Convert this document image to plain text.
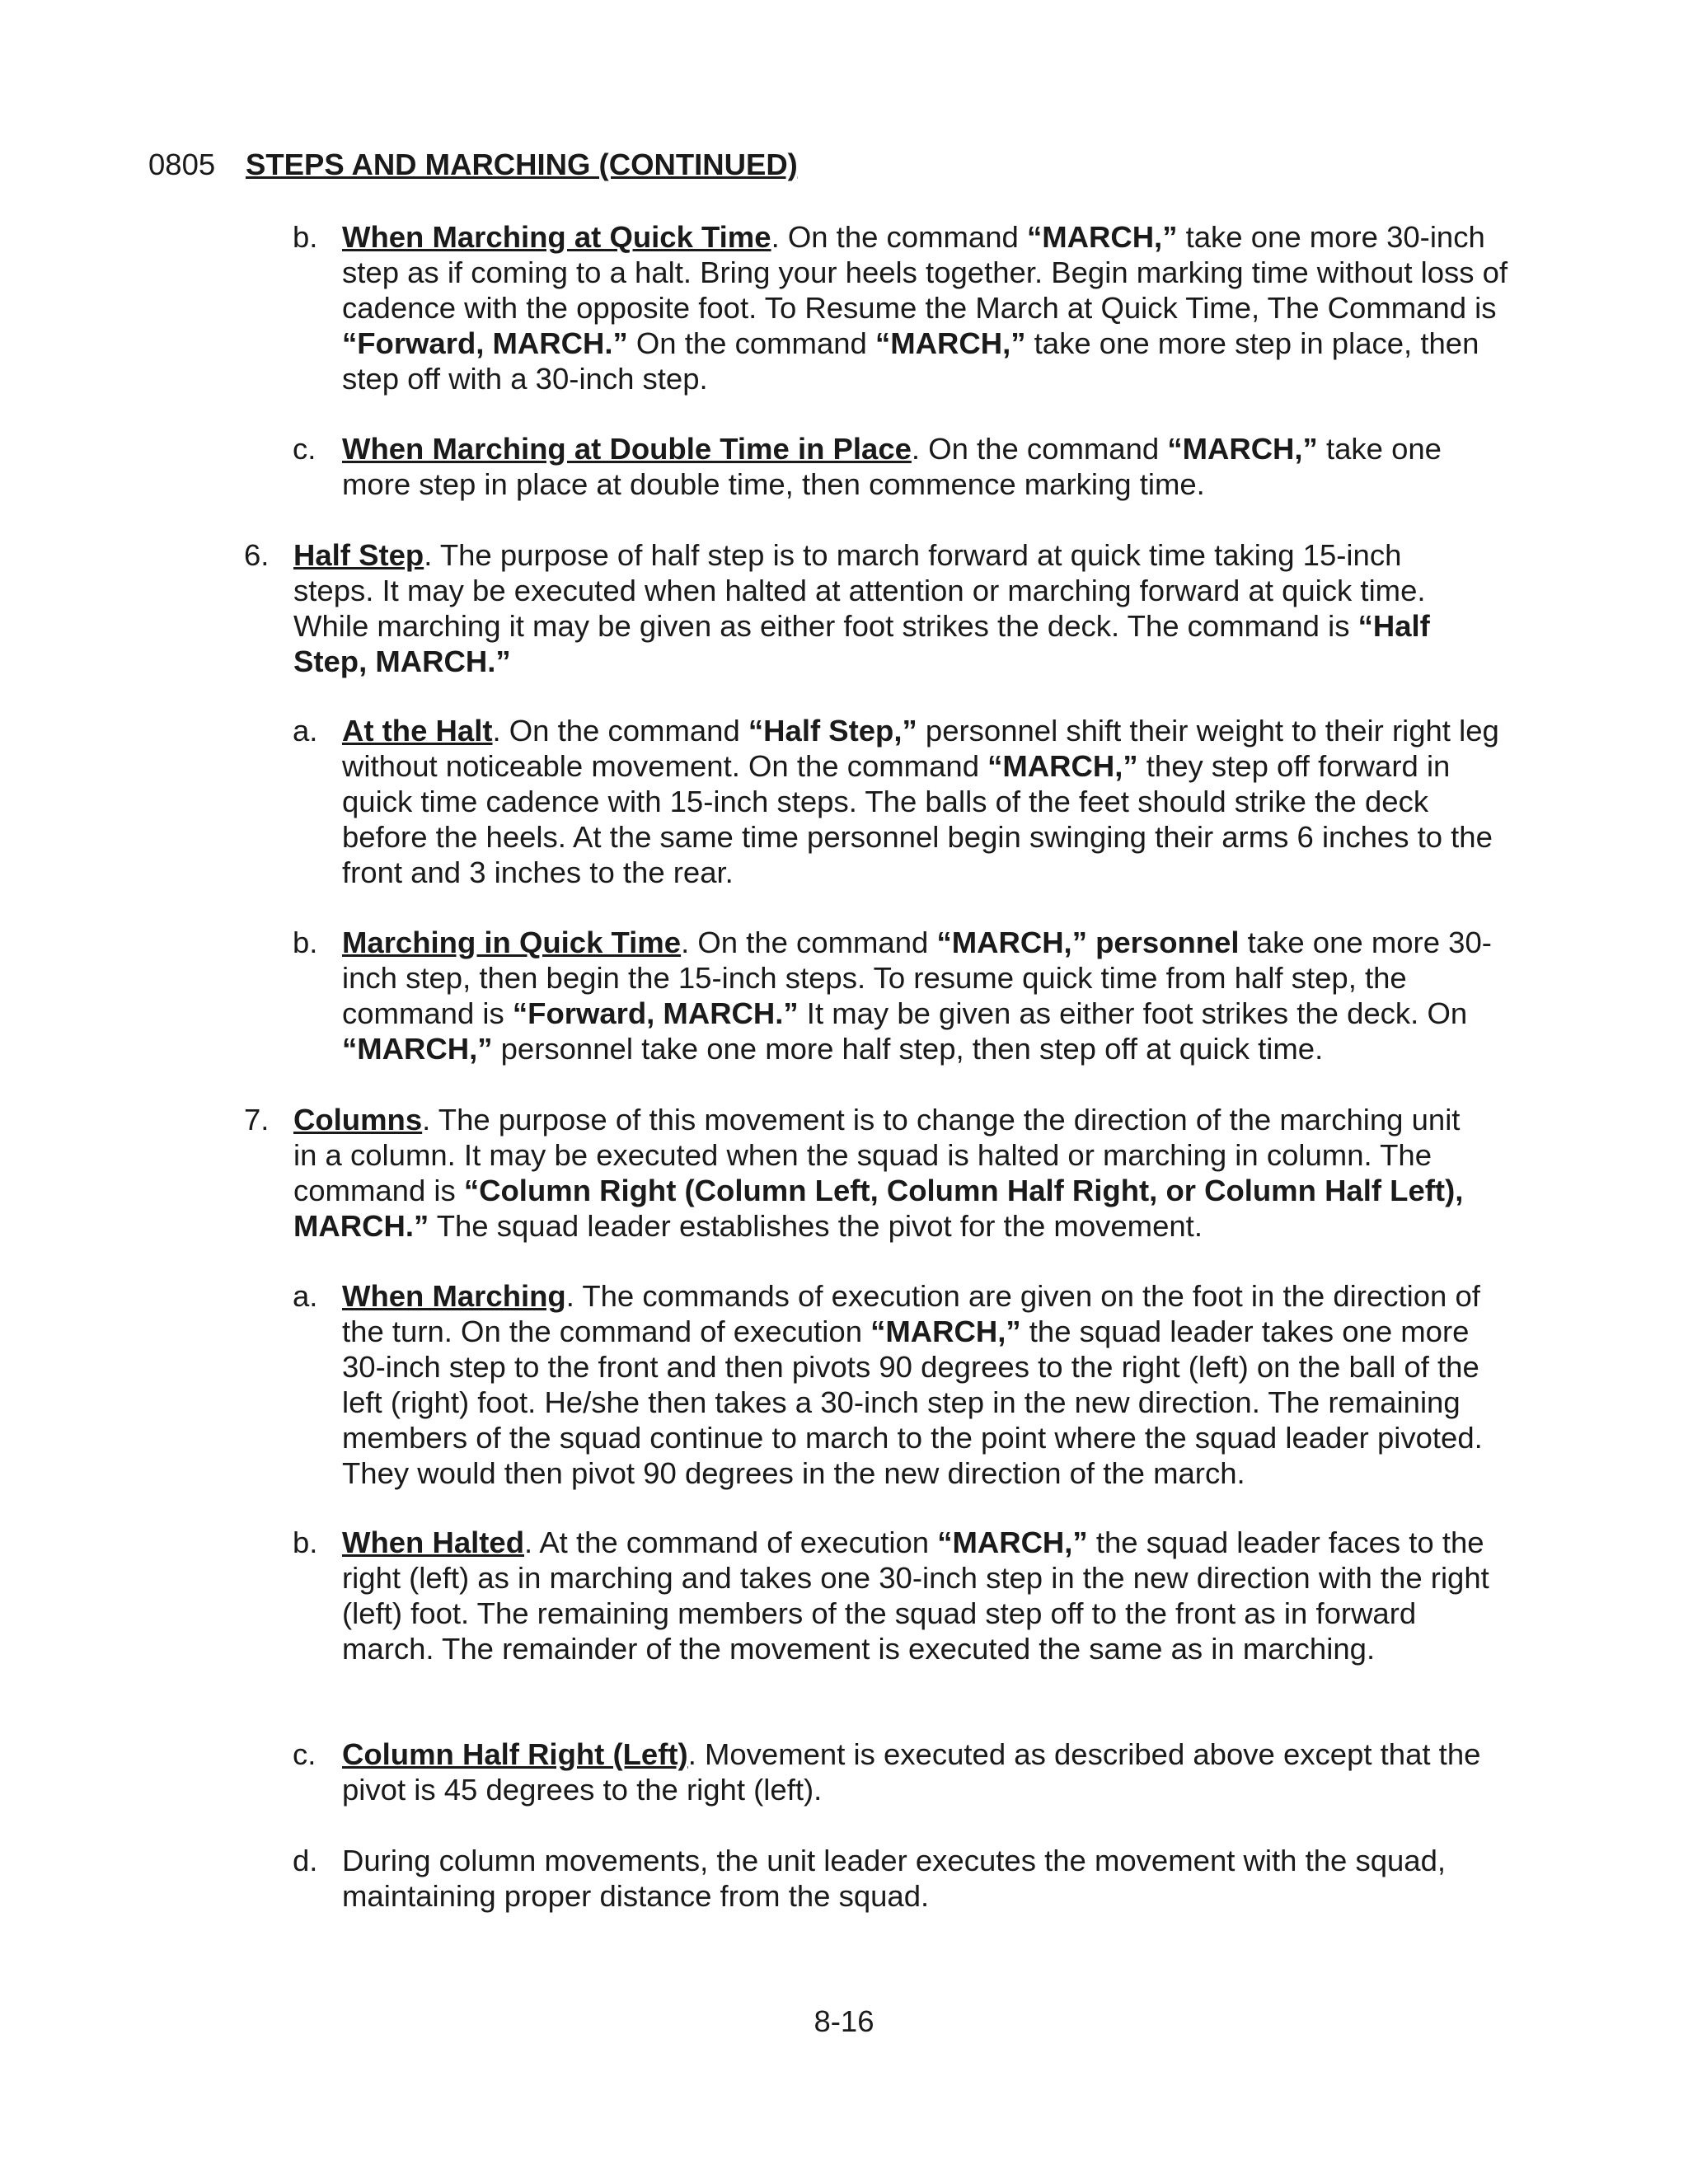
0805 STEPS AND MARCHING (CONTINUED)
b. When Marching at Quick Time. On the command “MARCH,” take one more 30-inch step as if coming to a halt. Bring your heels together. Begin marking time without loss of cadence with the opposite foot. To Resume the March at Quick Time, The Command is “Forward, MARCH.” On the command “MARCH,” take one more step in place, then step off with a 30-inch step.

c. When Marching at Double Time in Place. On the command “MARCH,” take one more step in place at double time, then commence marking time.

6. Half Step. The purpose of half step is to march forward at quick time taking 15-inch steps. It may be executed when halted at attention or marching forward at quick time. While marching it may be given as either foot strikes the deck. The command is “Half Step, MARCH.”

a. At the Halt. On the command “Half Step,” personnel shift their weight to their right leg without noticeable movement. On the command “MARCH,” they step off forward in quick time cadence with 15-inch steps. The balls of the feet should strike the deck before the heels. At the same time personnel begin swinging their arms 6 inches to the front and 3 inches to the rear.

b. Marching in Quick Time. On the command “MARCH,” personnel take one more 30-inch step, then begin the 15-inch steps. To resume quick time from half step, the command is “Forward, MARCH.” It may be given as either foot strikes the deck. On “MARCH,” personnel take one more half step, then step off at quick time.

7. Columns. The purpose of this movement is to change the direction of the marching unit in a column. It may be executed when the squad is halted or marching in column. The command is “Column Right (Column Left, Column Half Right, or Column Half Left), MARCH.” The squad leader establishes the pivot for the movement.

a. When Marching. The commands of execution are given on the foot in the direction of the turn. On the command of execution “MARCH,” the squad leader takes one more 30-inch step to the front and then pivots 90 degrees to the right (left) on the ball of the left (right) foot. He/she then takes a 30-inch step in the new direction. The remaining members of the squad continue to march to the point where the squad leader pivoted. They would then pivot 90 degrees in the new direction of the march.

b. When Halted. At the command of execution “MARCH,” the squad leader faces to the right (left) as in marching and takes one 30-inch step in the new direction with the right (left) foot. The remaining members of the squad step off to the front as in forward march. The remainder of the movement is executed the same as in marching.

c. Column Half Right (Left). Movement is executed as described above except that the pivot is 45 degrees to the right (left).

d. During column movements, the unit leader executes the movement with the squad, maintaining proper distance from the squad.

8-16
